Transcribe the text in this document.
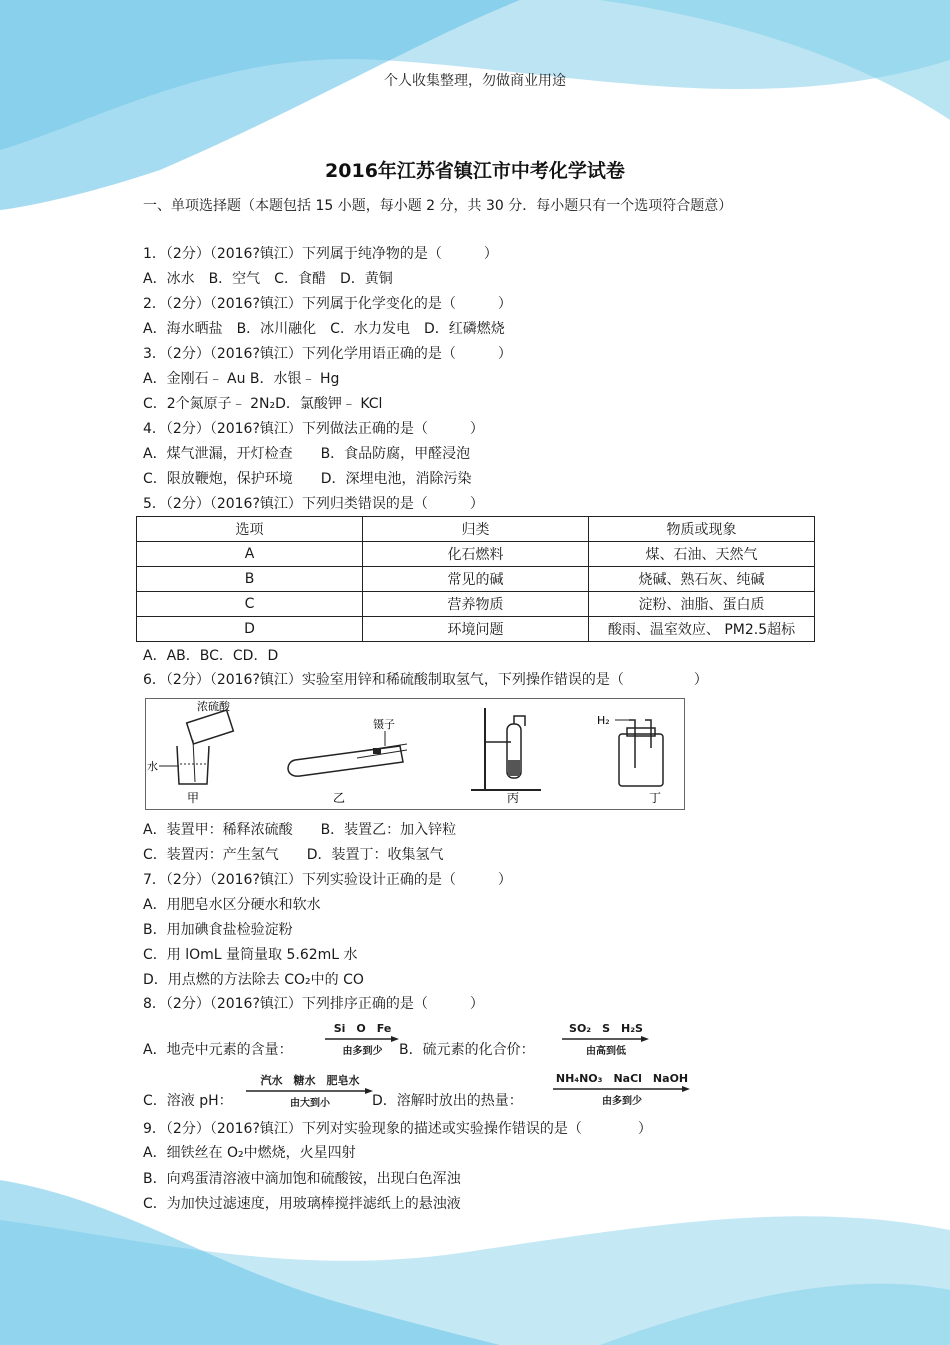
个人收集整理，勿做商业用途
2016年江苏省镇江市中考化学试卷
一、单项选择题（本题包括 15 小题，每小题 2 分，共 30 分．每小题只有一个选项符合题意）
1．（2分）（2016?镇江）下列属于纯净物的是（　　　）
A．冰水　B．空气　C．食醋　D．黄铜
2．（2分）（2016?镇江）下列属于化学变化的是（　　　）
A．海水晒盐　B．冰川融化　C．水力发电　D．红磷燃烧
3．（2分）（2016?镇江）下列化学用语正确的是（　　　）
A．金刚石﹣ Au B．水银﹣ Hg
C．2个氮原子﹣ 2N₂D．氯酸钾﹣ KCl
4．（2分）（2016?镇江）下列做法正确的是（　　　）
A．煤气泄漏，开灯检查　　B．食品防腐，甲醛浸泡
C．限放鞭炮，保护环境　　D．深埋电池，消除污染
5．（2分）（2016?镇江）下列归类错误的是（　　　）
选项	归类	物质或现象
A	化石燃料	煤、石油、天然气
B	常见的碱	烧碱、熟石灰、纯碱
C	营养物质	淀粉、油脂、蛋白质
D	环境问题	酸雨、温室效应、 PM2.5超标
A．AB．BC．CD．D
6．（2分）（2016?镇江）实验室用锌和稀硫酸制取氢气，下列操作错误的是（　　　　　）
浓硫酸
水
甲
镊子
乙	丙
H₂
丁
A．装置甲：稀释浓硫酸　　B．装置乙：加入锌粒
C．装置丙：产生氢气　　D．装置丁：收集氢气
7．（2分）（2016?镇江）下列实验设计正确的是（　　　）
A．用肥皂水区分硬水和软水
B．用加碘食盐检验淀粉
C．用 lOmL 量筒量取 5.62mL 水
D．用点燃的方法除去 CO₂中的 CO
8．（2分）（2016?镇江）下列排序正确的是（　　　）
A．地壳中元素的含量：
Si　O　Fe
由多到少	B．硫元素的化合价：
SO₂　S　H₂S
由高到低
C．溶液 pH：
汽水　糖水　肥皂水
由大到小	D．溶解时放出的热量：
NH₄NO₃　NaCl　NaOH
由多到少
9．（2分）（2016?镇江）下列对实验现象的描述或实验操作错误的是（　　　　）
A．细铁丝在 O₂中燃烧，火星四射
B．向鸡蛋清溶液中滴加饱和硫酸铵，出现白色浑浊
C．为加快过滤速度，用玻璃棒搅拌滤纸上的悬浊液
